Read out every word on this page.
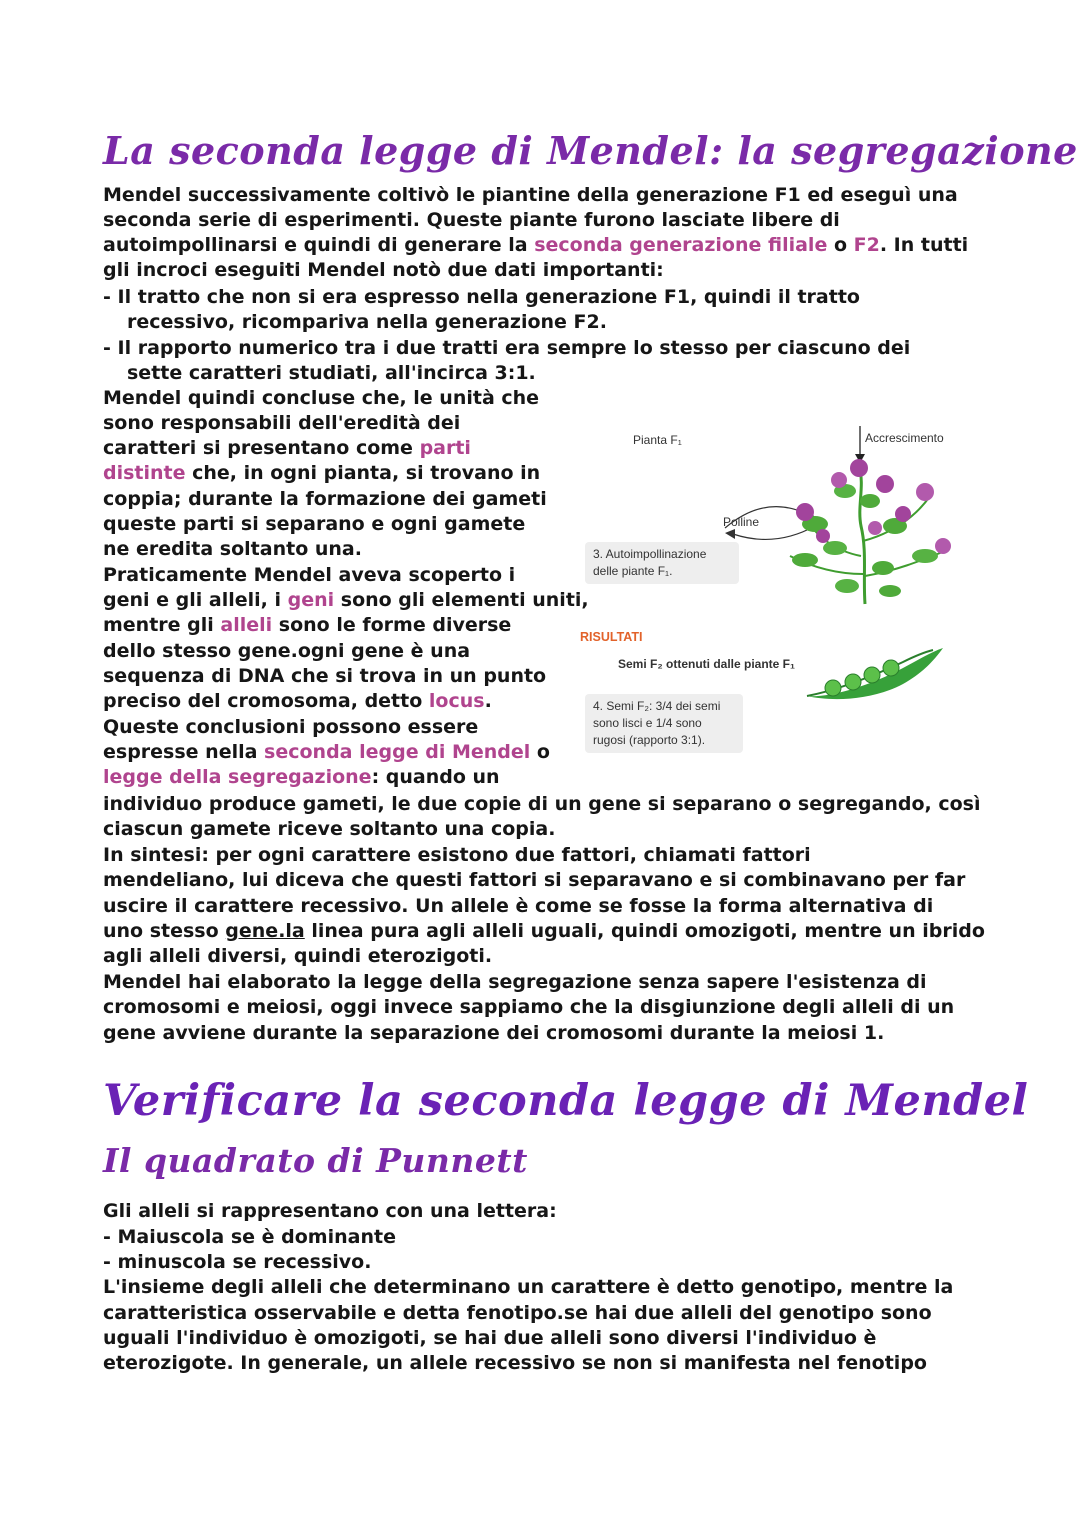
La seconda legge di Mendel: la segregazione

Mendel successivamente coltivò le piantine della generazione F1 ed eseguì una

seconda serie di esperimenti. Queste piante furono lasciate libere di

autoimpollinarsi e quindi di generare la seconda generazione filiale o F2. In tutti

gli incroci eseguiti Mendel notò due dati importanti:

- Il tratto che non si era espresso nella generazione F1, quindi il tratto

recessivo, ricompariva nella generazione F2.

- Il rapporto numerico tra i due tratti era sempre lo stesso per ciascuno dei

sette caratteri studiati, all'incirca 3:1.

Mendel quindi concluse che, le unità che

sono responsabili dell'eredità dei

caratteri si presentano come parti

distinte che, in ogni pianta, si trovano in

coppia; durante la formazione dei gameti

queste parti si separano e ogni gamete

ne eredita soltanto una.

Praticamente Mendel aveva scoperto i

geni e gli alleli, i geni sono gli elementi uniti,

mentre gli alleli sono le forme diverse

dello stesso gene.ogni gene è una

sequenza di DNA che si trova in un punto

preciso del cromosoma, detto locus.

Queste conclusioni possono essere

espresse nella seconda legge di Mendel o

legge della segregazione: quando un

individuo produce gameti, le due copie di un gene si separano o segregando, così

ciascun gamete riceve soltanto una copia.

In sintesi: per ogni carattere esistono due fattori, chiamati fattori

mendeliano, lui diceva che questi fattori si separavano e si combinavano per far

uscire il carattere recessivo. Un allele è come se fosse la forma alternativa di

uno stesso gene.la linea pura agli alleli uguali, quindi omozigoti, mentre un ibrido

agli alleli diversi, quindi eterozigoti.

Mendel hai elaborato la legge della segregazione senza sapere l'esistenza di

cromosomi e meiosi, oggi invece sappiamo che la disgiunzione degli alleli di un

gene avviene durante la separazione dei cromosomi durante la meiosi 1.

Pianta F₁	Accrescimento
Polline
3. Autoimpollinazione
delle piante F₁.
RISULTATI
Semi F₂ ottenuti dalle piante F₁
4. Semi F₂: 3/4 dei semi
sono lisci e 1/4 sono
rugosi (rapporto 3:1).
Verificare la seconda legge di Mendel
Il quadrato di Punnett

Gli alleli si rappresentano con una lettera:

- Maiuscola se è dominante

- minuscola se recessivo.

L'insieme degli alleli che determinano un carattere è detto genotipo, mentre la

caratteristica osservabile e detta fenotipo.se hai due alleli del genotipo sono

uguali l'individuo è omozigoti, se hai due alleli sono diversi l'individuo è

eterozigote. In generale, un allele recessivo se non si manifesta nel fenotipo
